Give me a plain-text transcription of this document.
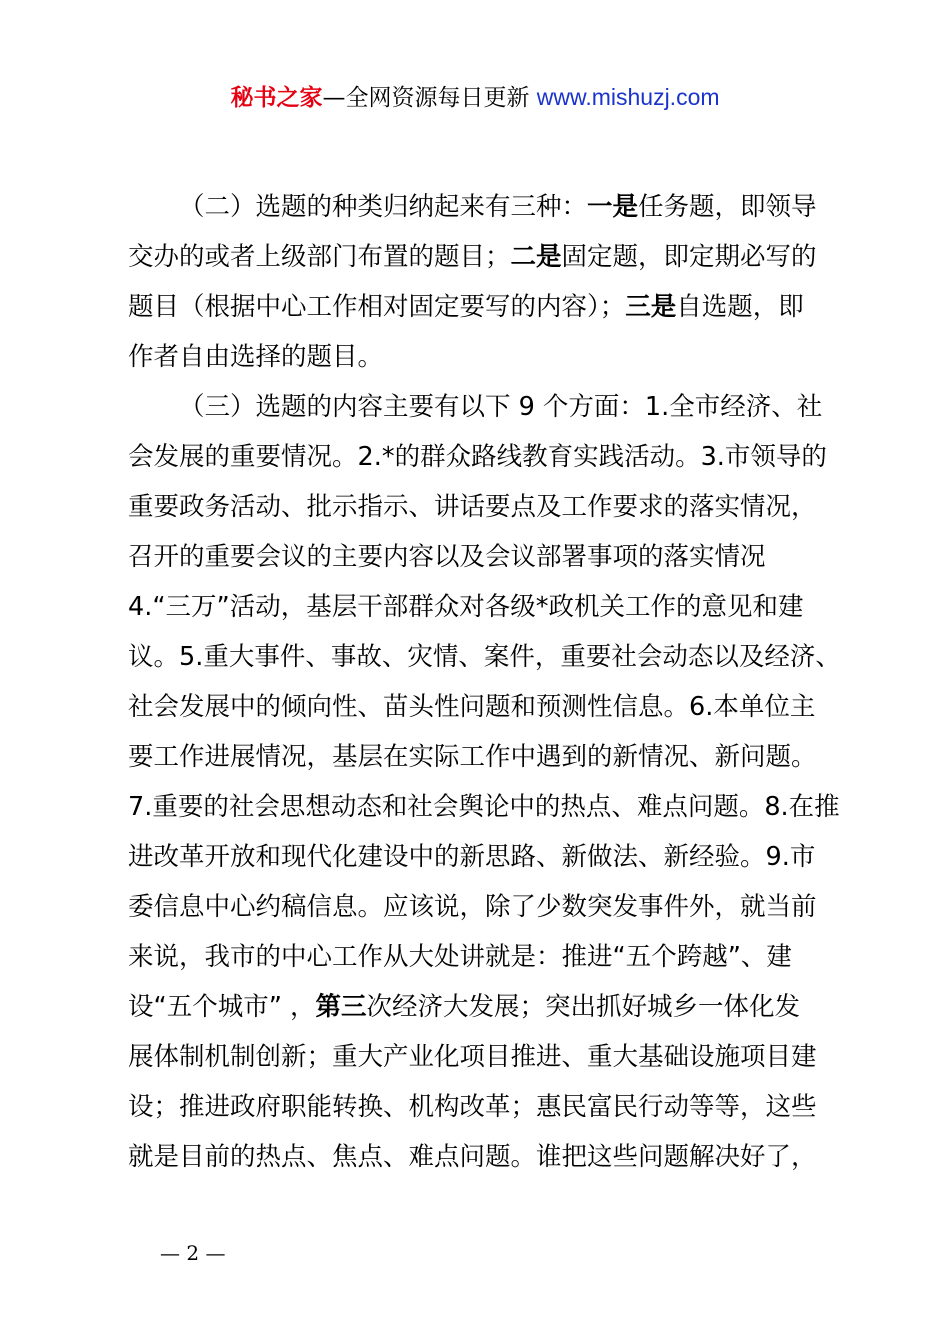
秘书之家—全网资源每日更新 www.mishuzj.com
（二）选题的种类归纳起来有三种：一是任务题，即领导
交办的或者上级部门布置的题目；二是固定题，即定期必写的
题目（根据中心工作相对固定要写的内容）；三是自选题，即
作者自由选择的题目。
（三）选题的内容主要有以下 9 个方面：1.全市经济、社
会发展的重要情况。2.*的群众路线教育实践活动。3.市领导的
重要政务活动、批示指示、讲话要点及工作要求的落实情况，
召开的重要会议的主要内容以及会议部署事项的落实情况
4.“三万”活动，基层干部群众对各级*政机关工作的意见和建
议。5.重大事件、事故、灾情、案件，重要社会动态以及经济、
社会发展中的倾向性、苗头性问题和预测性信息。6.本单位主
要工作进展情况，基层在实际工作中遇到的新情况、新问题。
7.重要的社会思想动态和社会舆论中的热点、难点问题。8.在推
进改革开放和现代化建设中的新思路、新做法、新经验。9.市
委信息中心约稿信息。应该说，除了少数突发事件外，就当前
来说，我市的中心工作从大处讲就是：推进“五个跨越”、建
设“五个城市” ，第三次经济大发展；突出抓好城乡一体化发
展体制机制创新；重大产业化项目推进、重大基础设施项目建
设；推进政府职能转换、机构改革；惠民富民行动等等，这些
就是目前的热点、焦点、难点问题。谁把这些问题解决好了，
— 2 —
